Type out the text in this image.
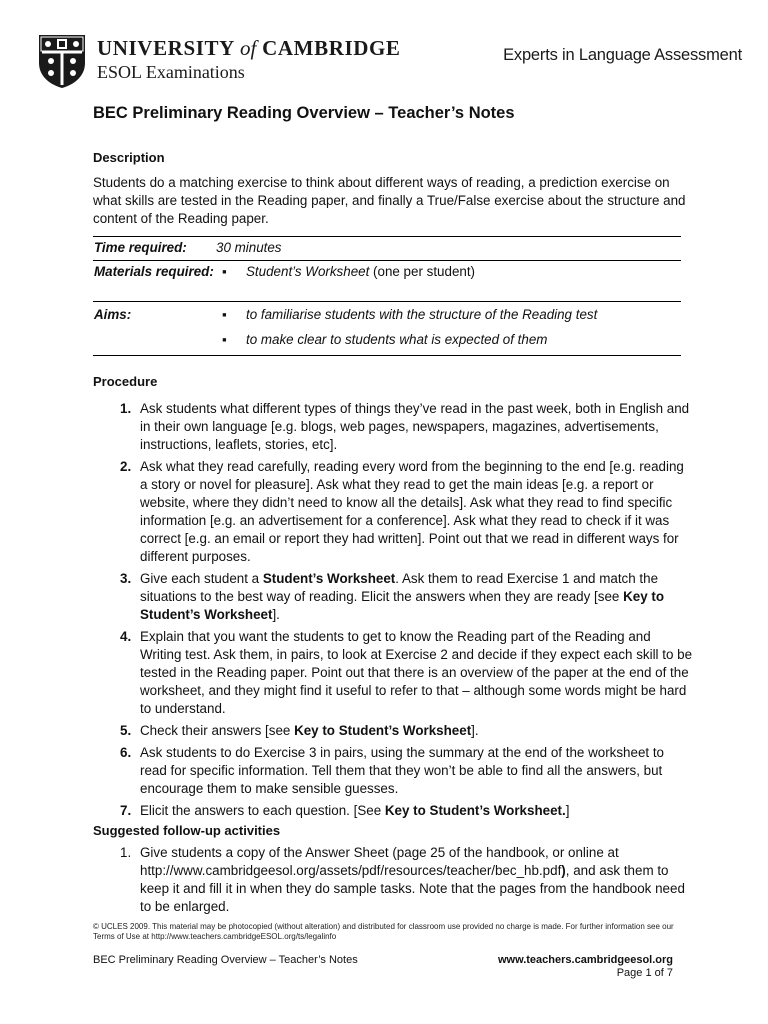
UNIVERSITY of CAMBRIDGE
ESOL Examinations
Experts in Language Assessment
BEC Preliminary Reading Overview – Teacher’s Notes
Description
Students do a matching exercise to think about different ways of reading, a prediction exercise on what skills are tested in the Reading paper, and finally a True/False exercise about the structure and content of the Reading paper.
Time required:	30 minutes
Materials required: ▪	Student’s Worksheet (one per student)
Aims:	▪	to familiarise students with the structure of the Reading test
▪	to make clear to students what is expected of them
Procedure
1. Ask students what different types of things they’ve read in the past week, both in English and in their own language [e.g. blogs, web pages, newspapers, magazines, advertisements, instructions, leaflets, stories, etc].
2. Ask what they read carefully, reading every word from the beginning to the end [e.g. reading a story or novel for pleasure]. Ask what they read to get the main ideas [e.g. a report or website, where they didn’t need to know all the details]. Ask what they read to find specific information [e.g. an advertisement for a conference]. Ask what they read to check if it was correct [e.g. an email or report they had written]. Point out that we read in different ways for different purposes.
3. Give each student a Student’s Worksheet. Ask them to read Exercise 1 and match the situations to the best way of reading. Elicit the answers when they are ready [see Key to Student’s Worksheet].
4. Explain that you want the students to get to know the Reading part of the Reading and Writing test. Ask them, in pairs, to look at Exercise 2 and decide if they expect each skill to be tested in the Reading paper. Point out that there is an overview of the paper at the end of the worksheet, and they might find it useful to refer to that – although some words might be hard to understand.
5. Check their answers [see Key to Student’s Worksheet].
6. Ask students to do Exercise 3 in pairs, using the summary at the end of the worksheet to read for specific information. Tell them that they won’t be able to find all the answers, but encourage them to make sensible guesses.
7. Elicit the answers to each question. [See Key to Student’s Worksheet.]
Suggested follow-up activities
1. Give students a copy of the Answer Sheet (page 25 of the handbook, or online at http://www.cambridgeesol.org/assets/pdf/resources/teacher/bec_hb.pdf), and ask them to keep it and fill it in when they do sample tasks. Note that the pages from the handbook need to be enlarged.
© UCLES 2009. This material may be photocopied (without alteration) and distributed for classroom use provided no charge is made. For further information see our Terms of Use at http://www.teachers.cambridgeESOL.org/ts/legalinfo
BEC Preliminary Reading Overview – Teacher’s Notes	www.teachers.cambridgeesol.org
Page 1 of 7
